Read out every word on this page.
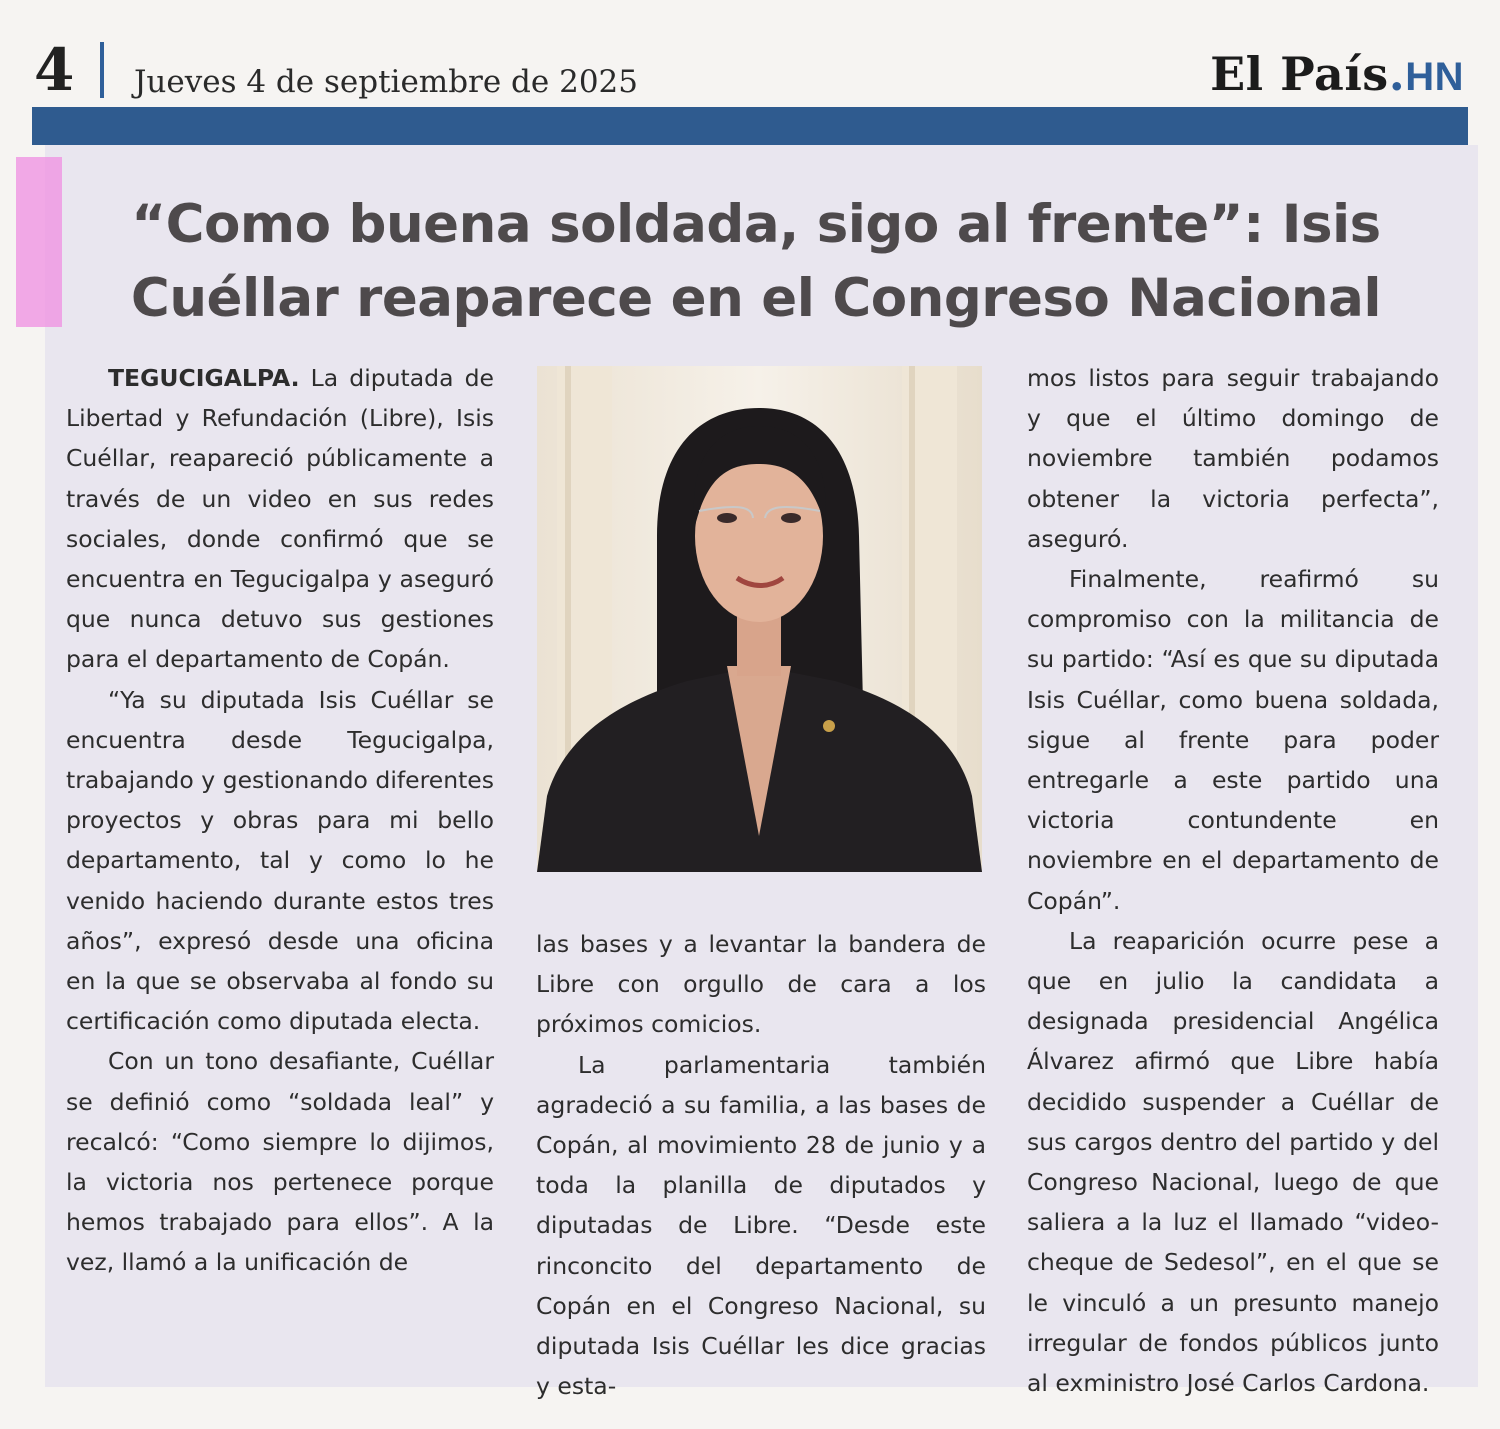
4 Jueves 4 de septiembre de 2025	El País.HN
“Como buena soldada, sigo al frente”: Isis Cuéllar reaparece en el Congreso Nacional

TEGUCIGALPA. La diputada de Libertad y Refundación (Libre), Isis Cuéllar, reapareció públicamente a través de un video en sus redes sociales, donde confirmó que se encuentra en Tegucigalpa y aseguró que nunca detuvo sus gestiones para el departamento de Copán.

“Ya su diputada Isis Cuéllar se encuentra desde Tegucigalpa, trabajando y gestionando diferentes proyectos y obras para mi bello departamento, tal y como lo he venido haciendo durante estos tres años”, expresó desde una oficina en la que se observaba al fondo su certificación como diputada electa.

Con un tono desafiante, Cuéllar se definió como “soldada leal” y recalcó: “Como siempre lo dijimos, la victoria nos pertenece porque hemos trabajado para ellos”. A la vez, llamó a la unificación de

las bases y a levantar la bandera de Libre con orgullo de cara a los próximos comicios.

La parlamentaria también agradeció a su familia, a las bases de Copán, al movimiento 28 de junio y a toda la planilla de diputados y diputadas de Libre. “Desde este rinconcito del departamento de Copán en el Congreso Nacional, su diputada Isis Cuéllar les dice gracias y esta-

mos listos para seguir trabajando y que el último domingo de noviembre también podamos obtener la victoria perfecta”, aseguró.

Finalmente, reafirmó su compromiso con la militancia de su partido: “Así es que su diputada Isis Cuéllar, como buena soldada, sigue al frente para poder entregarle a este partido una victoria contundente en noviembre en el departamento de Copán”.

La reaparición ocurre pese a que en julio la candidata a designada presidencial Angélica Álvarez afirmó que Libre había decidido suspender a Cuéllar de sus cargos dentro del partido y del Congreso Nacional, luego de que saliera a la luz el llamado “video-cheque de Sedesol”, en el que se le vinculó a un presunto manejo irregular de fondos públicos junto al exministro José Carlos Cardona.
